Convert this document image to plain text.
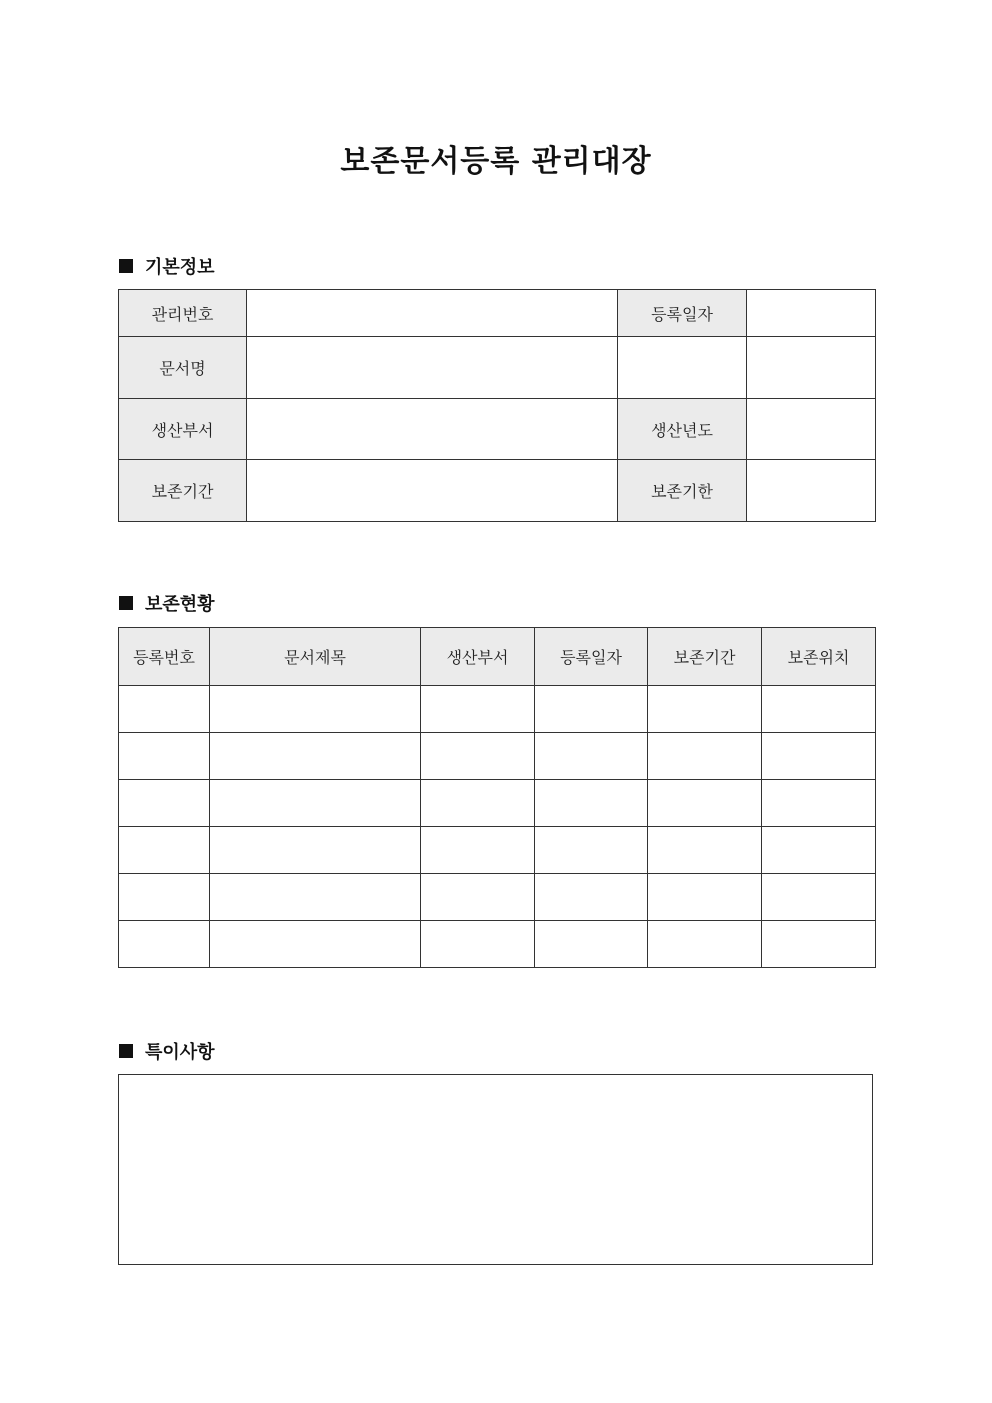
보존문서등록 관리대장
기본정보
관리번호		등록일자	
문서명			
생산부서		생산년도	
보존기간		보존기한	
보존현황
등록번호	문서제목	생산부서	등록일자	보존기간	보존위치

특이사항
